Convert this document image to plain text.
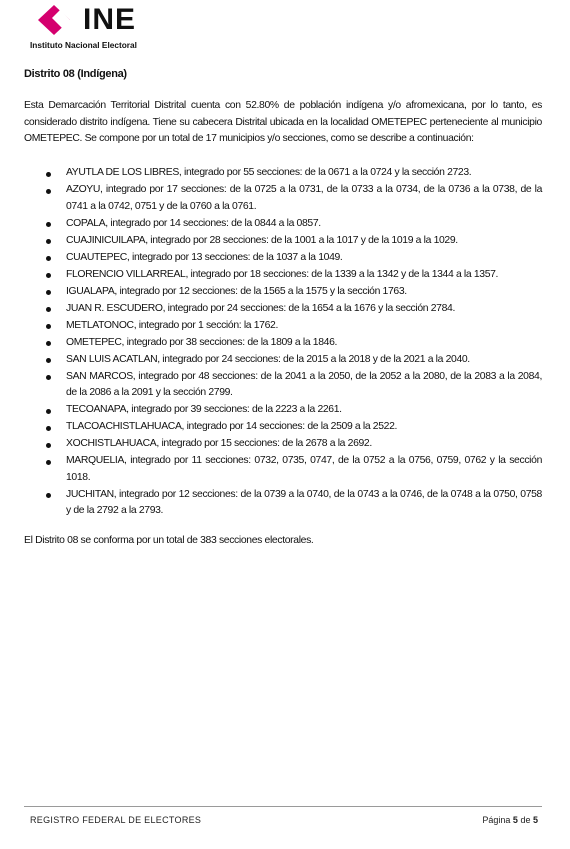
INE
Instituto Nacional Electoral
Distrito 08 (Indígena)
Esta Demarcación Territorial Distrital cuenta con 52.80% de población indígena y/o afromexicana, por lo tanto, es considerado distrito indígena. Tiene su cabecera Distrital ubicada en la localidad OMETEPEC perteneciente al municipio OMETEPEC. Se compone por un total de 17 municipios y/o secciones, como se describe a continuación:
AYUTLA DE LOS LIBRES, integrado por 55 secciones: de la 0671 a la 0724 y la sección 2723.
AZOYU, integrado por 17 secciones: de la 0725 a la 0731, de la 0733 a la 0734, de la 0736 a la 0738, de la 0741 a la 0742, 0751 y de la 0760 a la 0761.
COPALA, integrado por 14 secciones: de la 0844 a la 0857.
CUAJINICUILAPA, integrado por 28 secciones: de la 1001 a la 1017 y de la 1019 a la 1029.
CUAUTEPEC, integrado por 13 secciones: de la 1037 a la 1049.
FLORENCIO VILLARREAL, integrado por 18 secciones: de la 1339 a la 1342 y de la 1344 a la 1357.
IGUALAPA, integrado por 12 secciones: de la 1565 a la 1575 y la sección 1763.
JUAN R. ESCUDERO, integrado por 24 secciones: de la 1654 a la 1676 y la sección 2784.
METLATONOC, integrado por 1 sección: la 1762.
OMETEPEC, integrado por 38 secciones: de la 1809 a la 1846.
SAN LUIS ACATLAN, integrado por 24 secciones: de la 2015 a la 2018 y de la 2021 a la 2040.
SAN MARCOS, integrado por 48 secciones: de la 2041 a la 2050, de la 2052 a la 2080, de la 2083 a la 2084, de la 2086 a la 2091 y la sección 2799.
TECOANAPA, integrado por 39 secciones: de la 2223 a la 2261.
TLACOACHISTLAHUACA, integrado por 14 secciones: de la 2509 a la 2522.
XOCHISTLAHUACA, integrado por 15 secciones: de la 2678 a la 2692.
MARQUELIA, integrado por 11 secciones: 0732, 0735, 0747, de la 0752 a la 0756, 0759, 0762 y la sección 1018.
JUCHITAN, integrado por 12 secciones: de la 0739 a la 0740, de la 0743 a la 0746, de la 0748 a la 0750, 0758 y de la 2792 a la 2793.
El Distrito 08 se conforma por un total de 383 secciones electorales.
REGISTRO FEDERAL DE ELECTORES	Página 5 de 5
